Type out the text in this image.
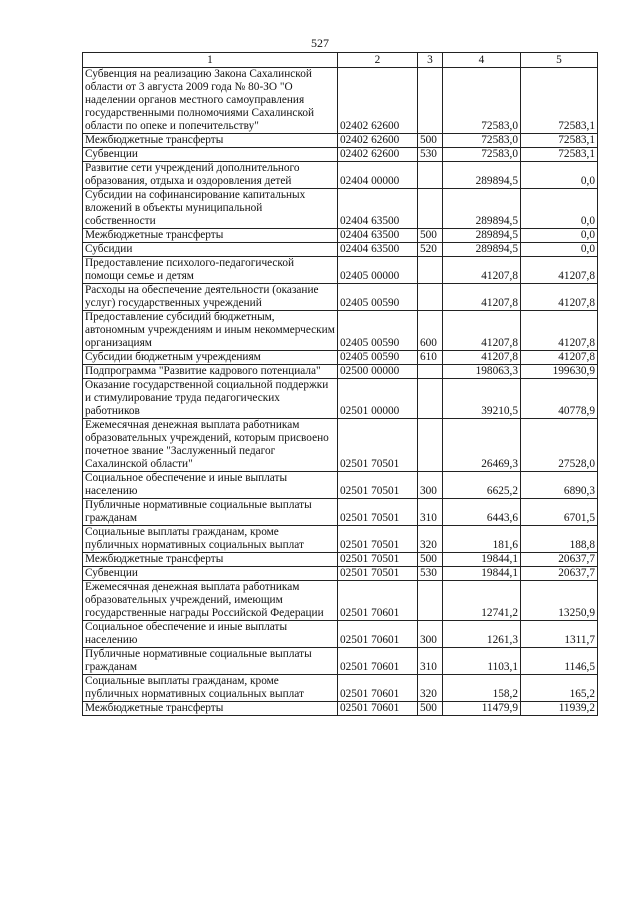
527
1	2	3	4	5
Субвенция на реализацию Закона Сахалинской области от 3 августа 2009 года № 80-ЗО "О наделении органов местного самоуправления государственными полномочиями Сахалинской области по опеке и попечительству"	02402 62600		72583,0	72583,1
Межбюджетные трансферты	02402 62600	500	72583,0	72583,1
Субвенции	02402 62600	530	72583,0	72583,1
Развитие сети учреждений дополнительного образования, отдыха и оздоровления детей	02404 00000		289894,5	0,0
Субсидии на софинансирование капитальных вложений в объекты муниципальной собственности	02404 63500		289894,5	0,0
Межбюджетные трансферты	02404 63500	500	289894,5	0,0
Субсидии	02404 63500	520	289894,5	0,0
Предоставление психолого-педагогической помощи семье и детям	02405 00000		41207,8	41207,8
Расходы на обеспечение деятельности (оказание услуг) государственных учреждений	02405 00590		41207,8	41207,8
Предоставление субсидий бюджетным, автономным учреждениям и иным некоммерческим организациям	02405 00590	600	41207,8	41207,8
Субсидии бюджетным учреждениям	02405 00590	610	41207,8	41207,8
Подпрограмма "Развитие кадрового потенциала"	02500 00000		198063,3	199630,9
Оказание государственной социальной поддержки и стимулирование труда педагогических работников	02501 00000		39210,5	40778,9
Ежемесячная денежная выплата работникам образовательных учреждений, которым присвоено почетное звание "Заслуженный педагог Сахалинской области"	02501 70501		26469,3	27528,0
Социальное обеспечение и иные выплаты населению	02501 70501	300	6625,2	6890,3
Публичные нормативные социальные выплаты гражданам	02501 70501	310	6443,6	6701,5
Социальные выплаты гражданам, кроме публичных нормативных социальных выплат	02501 70501	320	181,6	188,8
Межбюджетные трансферты	02501 70501	500	19844,1	20637,7
Субвенции	02501 70501	530	19844,1	20637,7
Ежемесячная денежная выплата работникам образовательных учреждений, имеющим государственные награды Российской Федерации	02501 70601		12741,2	13250,9
Социальное обеспечение и иные выплаты населению	02501 70601	300	1261,3	1311,7
Публичные нормативные социальные выплаты гражданам	02501 70601	310	1103,1	1146,5
Социальные выплаты гражданам, кроме публичных нормативных социальных выплат	02501 70601	320	158,2	165,2
Межбюджетные трансферты	02501 70601	500	11479,9	11939,2
